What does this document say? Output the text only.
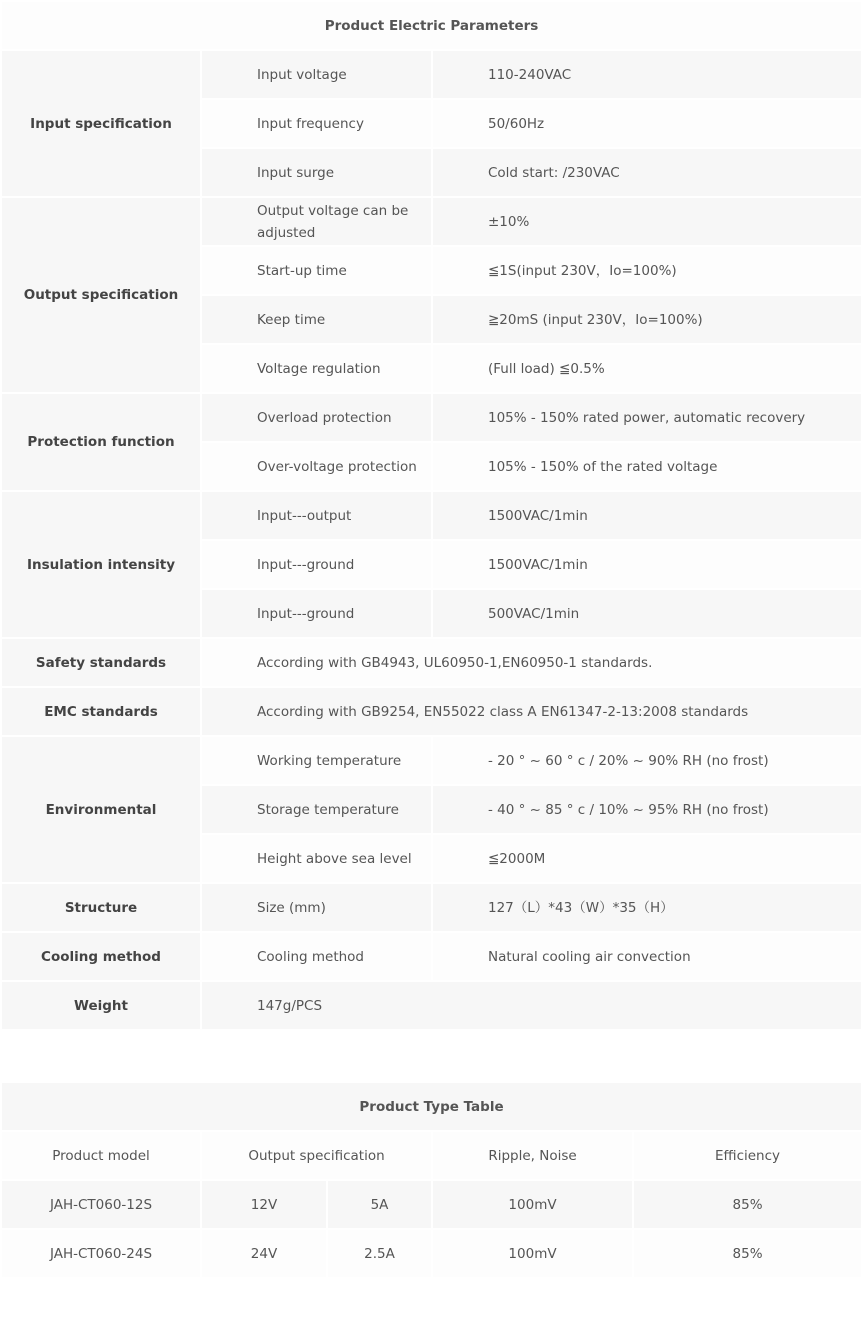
Product Electric Parameters		
Input specification	Input voltage	110-240VAC
	Input frequency	50/60Hz
	Input surge	Cold start: /230VAC
Output specification	Output voltage can be adjusted	±10%
	Start-up time	≦1S(input 230V，Io=100%)
	Keep time	≧20mS (input 230V，Io=100%)
	Voltage regulation	(Full load) ≦0.5%
Protection function	Overload protection	105% - 150% rated power, automatic recovery
	Over-voltage protection	105% - 150% of the rated voltage
Insulation intensity	Input---output	1500VAC/1min
	Input---ground	1500VAC/1min
	Input---ground	500VAC/1min
Safety standards	According with GB4943, UL60950-1,EN60950-1 standards.	
EMC standards	According with GB9254, EN55022 class A EN61347-2-13:2008 standards	
Environmental	Working temperature	- 20 ° ~ 60 ° c / 20% ~ 90% RH (no frost)
	Storage temperature	- 40 ° ~ 85 ° c / 10% ~ 95% RH (no frost)
	Height above sea level	≦2000M
Structure	Size (mm)	127（L）*43（W）*35（H）
Cooling method	Cooling method	Natural cooling air convection
Weight	147g/PCS	
Product Type Table				
Product model	Output specification		Ripple, Noise	Efficiency
JAH-CT060-12S	12V	5A	100mV	85%
JAH-CT060-24S	24V	2.5A	100mV	85%
